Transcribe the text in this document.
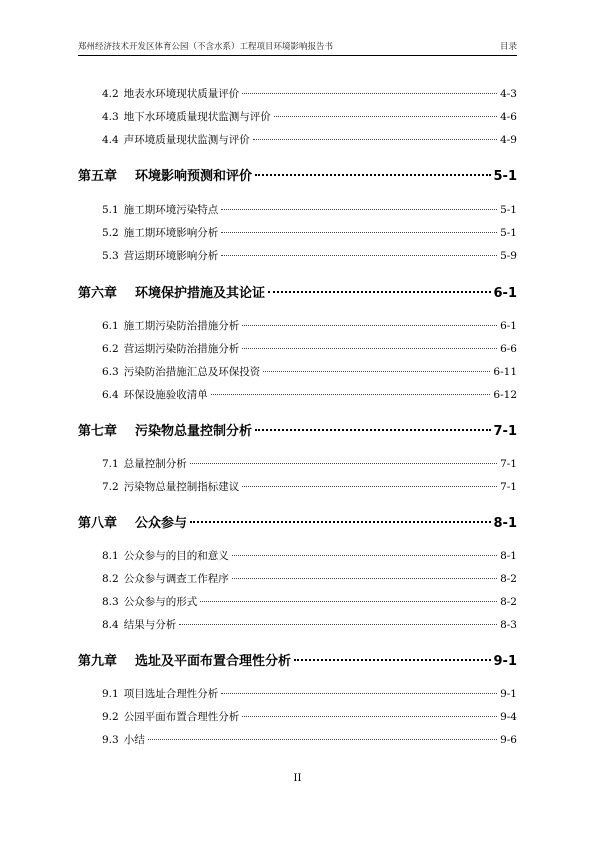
郑州经济技术开发区体育公园（不含水系）工程项目环境影响报告书	目录
4.2 地表水环境现状质量评价	4-3
4.3 地下水环境质量现状监测与评价	4-6
4.4 声环境质量现状监测与评价	4-9
第五章 环境影响预测和评价	5-1
5.1 施工期环境污染特点	5-1
5.2 施工期环境影响分析	5-1
5.3 营运期环境影响分析	5-9
第六章 环境保护措施及其论证	6-1
6.1 施工期污染防治措施分析	6-1
6.2 营运期污染防治措施分析	6-6
6.3 污染防治措施汇总及环保投资	6-11
6.4 环保设施验收清单	6-12
第七章 污染物总量控制分析	7-1
7.1 总量控制分析	7-1
7.2 污染物总量控制指标建议	7-1
第八章 公众参与	8-1
8.1 公众参与的目的和意义	8-1
8.2 公众参与调查工作程序	8-2
8.3 公众参与的形式	8-2
8.4 结果与分析	8-3
第九章 选址及平面布置合理性分析	9-1
9.1 项目选址合理性分析	9-1
9.2 公园平面布置合理性分析	9-4
9.3 小结	9-6
II
